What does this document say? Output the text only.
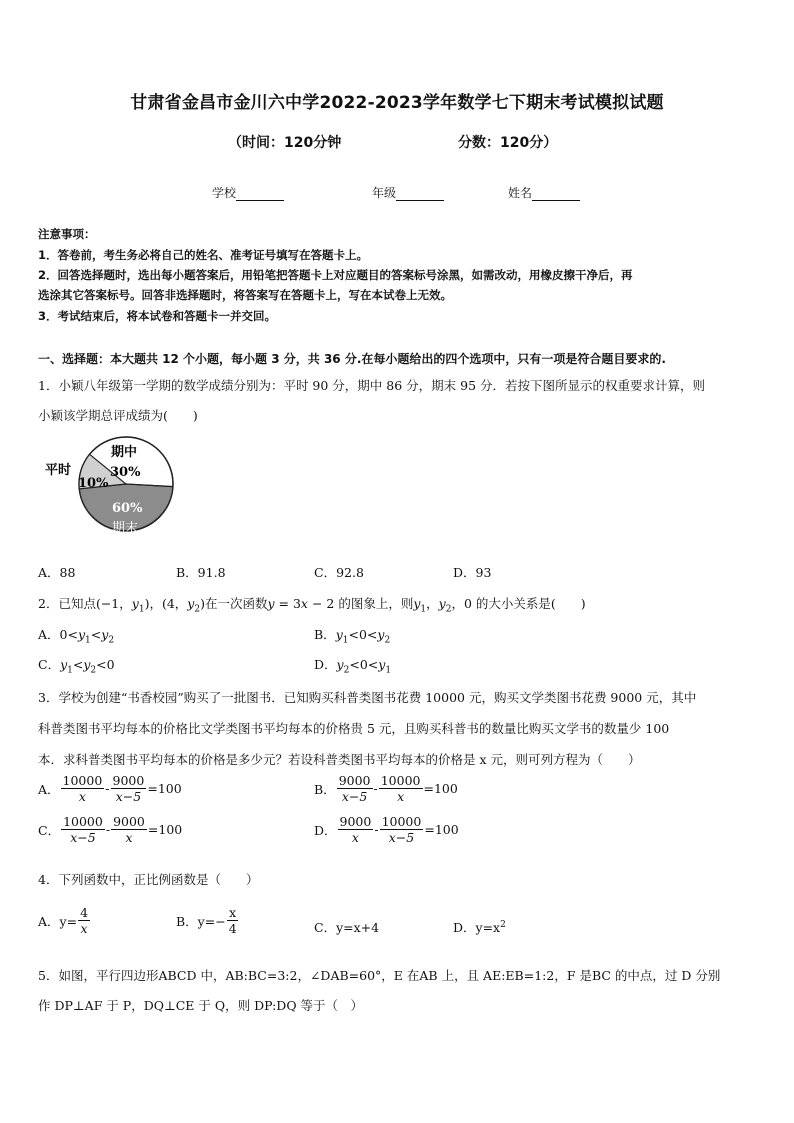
甘肃省金昌市金川六中学2022-2023学年数学七下期末考试模拟试题
（时间：120分钟	分数：120分）
学校	年级	姓名
注意事项：
1．答卷前，考生务必将自己的姓名、准考证号填写在答题卡上。
2．回答选择题时，选出每小题答案后，用铅笔把答题卡上对应题目的答案标号涂黑，如需改动，用橡皮擦干净后，再
选涂其它答案标号。回答非选择题时，将答案写在答题卡上，写在本试卷上无效。
3．考试结束后，将本试卷和答题卡一并交回。
一、选择题：本大题共 12 个小题，每小题 3 分，共 36 分.在每小题给出的四个选项中，只有一项是符合题目要求的.
1．小颖八年级第一学期的数学成绩分别为：平时 90 分，期中 86 分，期末 95 分．若按下图所显示的权重要求计算，则
小颖该学期总评成绩为(　　)
平时
期中
30%
10%
60%
期末
A．88	B．91.8	C．92.8	D．93
2．已知点(−1，$y_1$)，(4，$y_2$)在一次函数y = 3x − 2 的图象上，则$y_1$，$y_2$，0 的大小关系是(　　)
A．$0<y_1<y_2$	B．$y_1<0<y_2$
C．$y_1<y_2<0$	D．$y_2<0<y_1$
3．学校为创建“书香校园”购买了一批图书．已知购买科普类图书花费 10000 元，购买文学类图书花费 9000 元，其中
科普类图书平均每本的价格比文学类图书平均每本的价格贵 5 元，且购买科普书的数量比购买文学书的数量少 100
本．求科普类图书平均每本的价格是多少元？若设科普类图书平均每本的价格是 x 元，则可列方程为（　　）
A． $\frac{10000}{x} - \frac{9000}{x-5} =100$	B． $\frac{9000}{x-5} - \frac{10000}{x} =100$
C． $\frac{10000}{x-5} - \frac{9000}{x} =100$	D． $\frac{9000}{x} - \frac{10000}{x-5} =100$
4．下列函数中，正比例函数是（　　）
A．$y= \frac{4}{x}$	B．$y=- \frac{x}{4}$	C．y=x+4	D．$y=x^2$
5．如图，平行四边形ABCD 中，AB:BC=3:2，∠DAB=60°，E 在AB 上，且 AE:EB=1:2，F 是BC 的中点，过 D 分别
作 DP⊥AF 于 P，DQ⊥CE 于 Q，则 DP:DQ 等于（　）
